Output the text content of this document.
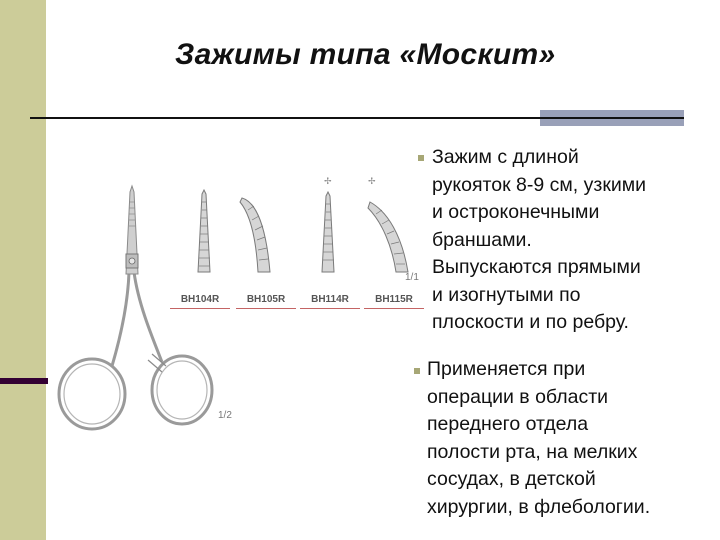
Зажимы типа «Москит»
✢	✢
BH104R	BH105R	BH114R	BH115R
1/1
1/2
Зажим с длиной
рукояток 8-9 см, узкими
и остроконечными
браншами.
Выпускаются прямыми
и изогнутыми по
плоскости и по ребру.
Применяется при
операции в области
переднего отдела
полости рта, на мелких
сосудах, в детской
хирургии, в флебологии.
